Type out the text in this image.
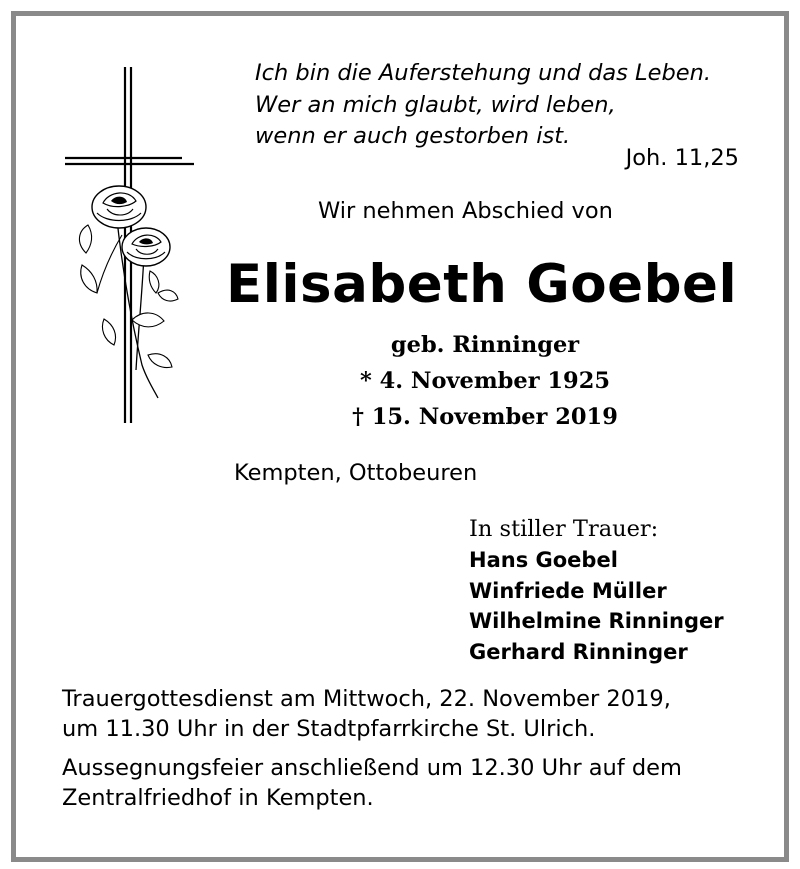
Ich bin die Auferstehung und das Leben.
Wer an mich glaubt, wird leben,
wenn er auch gestorben ist.
Joh. 11,25
Wir nehmen Abschied von
Elisabeth Goebel
geb. Rinninger
* 4. November 1925
† 15. November 2019
Kempten, Ottobeuren
In stiller Trauer:
Hans Goebel
Winfriede Müller
Wilhelmine Rinninger
Gerhard Rinninger
Trauergottesdienst am Mittwoch, 22. November 2019,
um 11.30 Uhr in der Stadtpfarrkirche St. Ulrich.
Aussegnungsfeier anschließend um 12.30 Uhr auf dem
Zentralfriedhof in Kempten.
